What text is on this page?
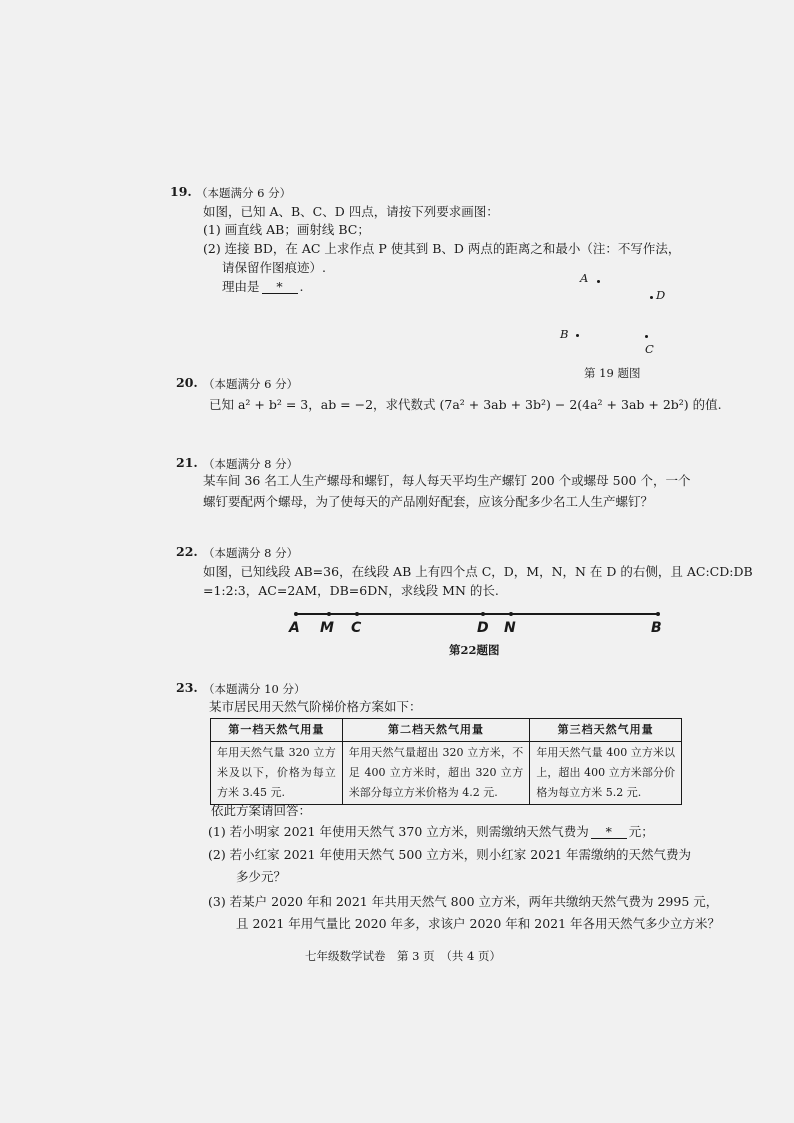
19. （本题满分 6 分）
如图，已知 A、B、C、D 四点，请按下列要求画图：
(1) 画直线 AB；画射线 BC；
(2) 连接 BD，在 AC 上求作点 P 使其到 B、D 两点的距离之和最小（注：不写作法，
请保留作图痕迹）.
理由是 * .
A
D
B
C
第 19 题图
20. （本题满分 6 分）
已知 a² + b² = 3，ab = −2，求代数式 (7a² + 3ab + 3b²) − 2(4a² + 3ab + 2b²) 的值.
21. （本题满分 8 分）
某车间 36 名工人生产螺母和螺钉，每人每天平均生产螺钉 200 个或螺母 500 个，一个
螺钉要配两个螺母，为了使每天的产品刚好配套，应该分配多少名工人生产螺钉？
22. （本题满分 8 分）
如图，已知线段 AB=36，在线段 AB 上有四个点 C，D，M，N，N 在 D 的右侧，且 AC:CD:DB
=1:2:3，AC=2AM，DB=6DN，求线段 MN 的长.
A M C	D N	B
第22题图
23. （本题满分 10 分）
某市居民用天然气阶梯价格方案如下：
第一档天然气用量	第二档天然气用量	第三档天然气用量
年用天然气量 320 立方米及以下，价格为每立方米 3.45 元.	年用天然气量超出 320 立方米，不足 400 立方米时，超出 320 立方米部分每立方米价格为 4.2 元.	年用天然气量 400 立方米以上，超出 400 立方米部分价格为每立方米 5.2 元.
依此方案请回答：
(1) 若小明家 2021 年使用天然气 370 立方米，则需缴纳天然气费为 * 元；
(2) 若小红家 2021 年使用天然气 500 立方米，则小红家 2021 年需缴纳的天然气费为
多少元？
(3) 若某户 2020 年和 2021 年共用天然气 800 立方米，两年共缴纳天然气费为 2995 元，
且 2021 年用气量比 2020 年多，求该户 2020 年和 2021 年各用天然气多少立方米？
七年级数学试卷　第 3 页　（共 4 页）
